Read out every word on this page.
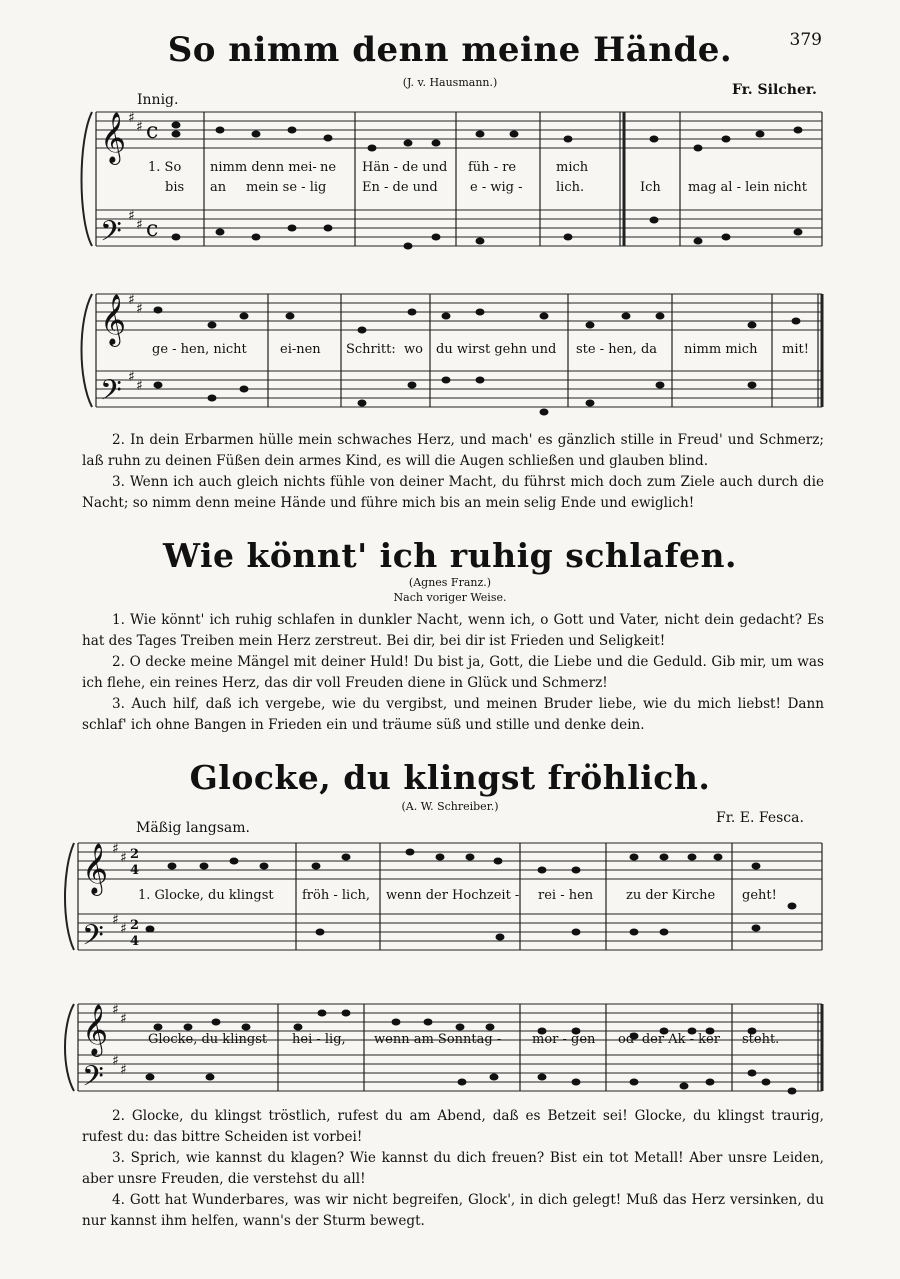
379
So nimm denn meine Hände.
(J. v. Hausmann.)	Fr. Silcher.
Innig.
𝄞
𝄢
𝄞
𝄢
𝄞
𝄢
𝄞
𝄢
♯
♯
♯
♯
♯
♯
♯
♯
♯
♯
♯
♯
♯
♯
♯
♯
c
c
2
4
2
4
1. So nimm denn mei- ne Hän - de und füh - re	mich
bis an mein se - lig	En - de und e - wig -	lich.	Ich mag al - lein nicht
ge - hen, nicht	ei-nen Schritt: wo du wirst gehn und ste - hen, da nimm mich mit!

2. In dein Erbarmen hülle mein schwaches Herz, und mach' es gänzlich stille in Freud' und Schmerz; laß ruhn zu deinen Füßen dein armes Kind, es will die Augen schließen und glauben blind.

3. Wenn ich auch gleich nichts fühle von deiner Macht, du führst mich doch zum Ziele auch durch die Nacht; so nimm denn meine Hände und führe mich bis an mein selig Ende und ewiglich!

Wie könnt' ich ruhig schlafen.
(Agnes Franz.)
Nach voriger Weise.

1. Wie könnt' ich ruhig schlafen in dunkler Nacht, wenn ich, o Gott und Vater, nicht dein gedacht? Es hat des Tages Treiben mein Herz zerstreut. Bei dir, bei dir ist Frieden und Seligkeit!

2. O decke meine Mängel mit deiner Huld! Du bist ja, Gott, die Liebe und die Geduld. Gib mir, um was ich flehe, ein reines Herz, das dir voll Freuden diene in Glück und Schmerz!

3. Auch hilf, daß ich vergebe, wie du vergibst, und meinen Bruder liebe, wie du mich liebst! Dann schlaf' ich ohne Bangen in Frieden ein und träume süß und stille und denke dein.

Glocke, du klingst fröhlich.
(A. W. Schreiber.)
Fr. E. Fesca.
Mäßig langsam.
1. Glocke, du klingst fröh - lich, wenn der Hochzeit - rei - hen	zu der Kirche geht!
Glocke, du klingst hei - lig, wenn am Sonntag - mor - gen od' der Ak - ker steht.

2. Glocke, du klingst tröstlich, rufest du am Abend, daß es Betzeit sei! Glocke, du klingst traurig, rufest du: das bittre Scheiden ist vorbei!

3. Sprich, wie kannst du klagen? Wie kannst du dich freuen? Bist ein tot Metall! Aber unsre Leiden, aber unsre Freuden, die verstehst du all!

4. Gott hat Wunderbares, was wir nicht begreifen, Glock', in dich gelegt! Muß das Herz versinken, du nur kannst ihm helfen, wann's der Sturm bewegt.
